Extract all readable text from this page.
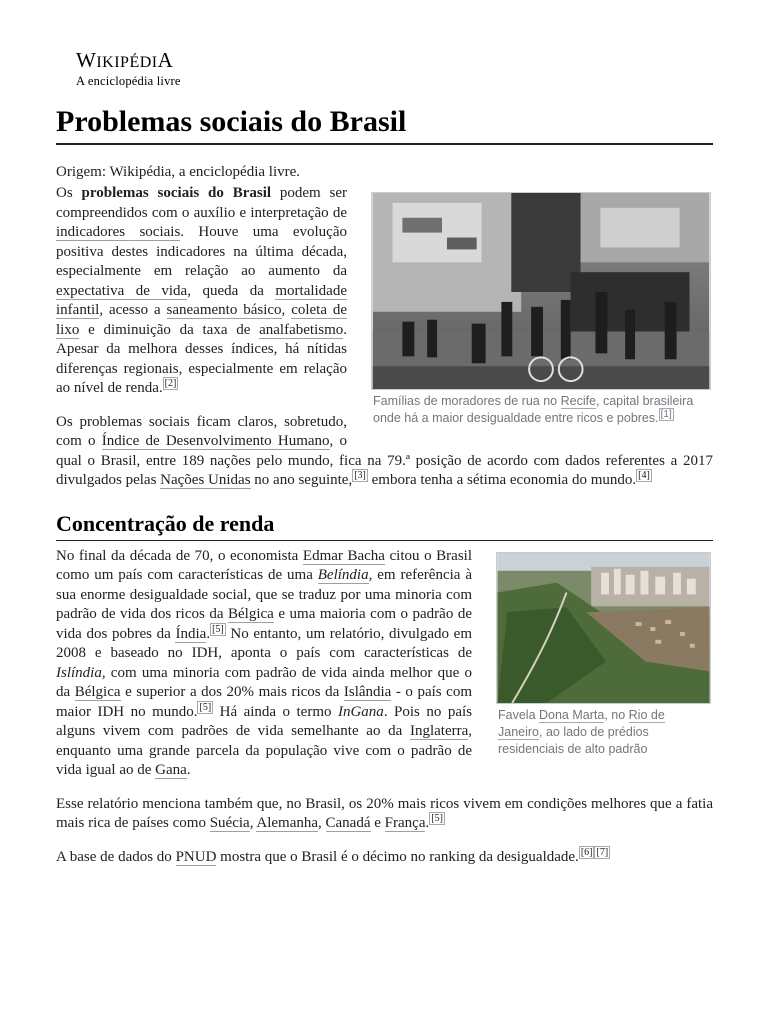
WIKIPÉDIA
A enciclopédia livre
Problemas sociais do Brasil
Origem: Wikipédia, a enciclopédia livre.
Famílias de moradores de rua no Recife, capital brasileira onde há a maior desigualdade entre ricos e pobres. [1]

Os problemas sociais do Brasil podem ser compreendidos com o auxílio e interpretação de indicadores sociais. Houve uma evolução positiva destes indicadores na última década, especialmente em relação ao aumento da expectativa de vida, queda da mortalidade infantil, acesso a saneamento básico, coleta de lixo e diminuição da taxa de analfabetismo. Apesar da melhora desses índices, há nítidas diferenças regionais, especialmente em relação ao nível de renda. [2]

Os problemas sociais ficam claros, sobretudo, com o Índice de Desenvolvimento Humano, o qual o Brasil, entre 189 nações pelo mundo, fica na 79.ª posição de acordo com dados referentes a 2017 divulgados pelas Nações Unidas no ano seguinte, [3] embora tenha a sétima economia do mundo. [4]

Concentração de renda
Favela Dona Marta, no Rio de Janeiro, ao lado de prédios residenciais de alto padrão

No final da década de 70, o economista Edmar Bacha citou o Brasil como um país com características de uma Belíndia, em referência à sua enorme desigualdade social, que se traduz por uma minoria com padrão de vida dos ricos da Bélgica e uma maioria com o padrão de vida dos pobres da Índia. [5] No entanto, um relatório, divulgado em 2008 e baseado no IDH, aponta o país com características de Islíndia, com uma minoria com padrão de vida ainda melhor que o da Bélgica e superior a dos 20% mais ricos da Islândia - o país com maior IDH no mundo. [5] Há ainda o termo InGana. Pois no país alguns vivem com padrões de vida semelhante ao da Inglaterra, enquanto uma grande parcela da população vive com o padrão de vida igual ao de Gana.

Esse relatório menciona também que, no Brasil, os 20% mais ricos vivem em condições melhores que a fatia mais rica de países como Suécia, Alemanha, Canadá e França. [5]

A base de dados do PNUD mostra que o Brasil é o décimo no ranking da desigualdade. [6] [7]
